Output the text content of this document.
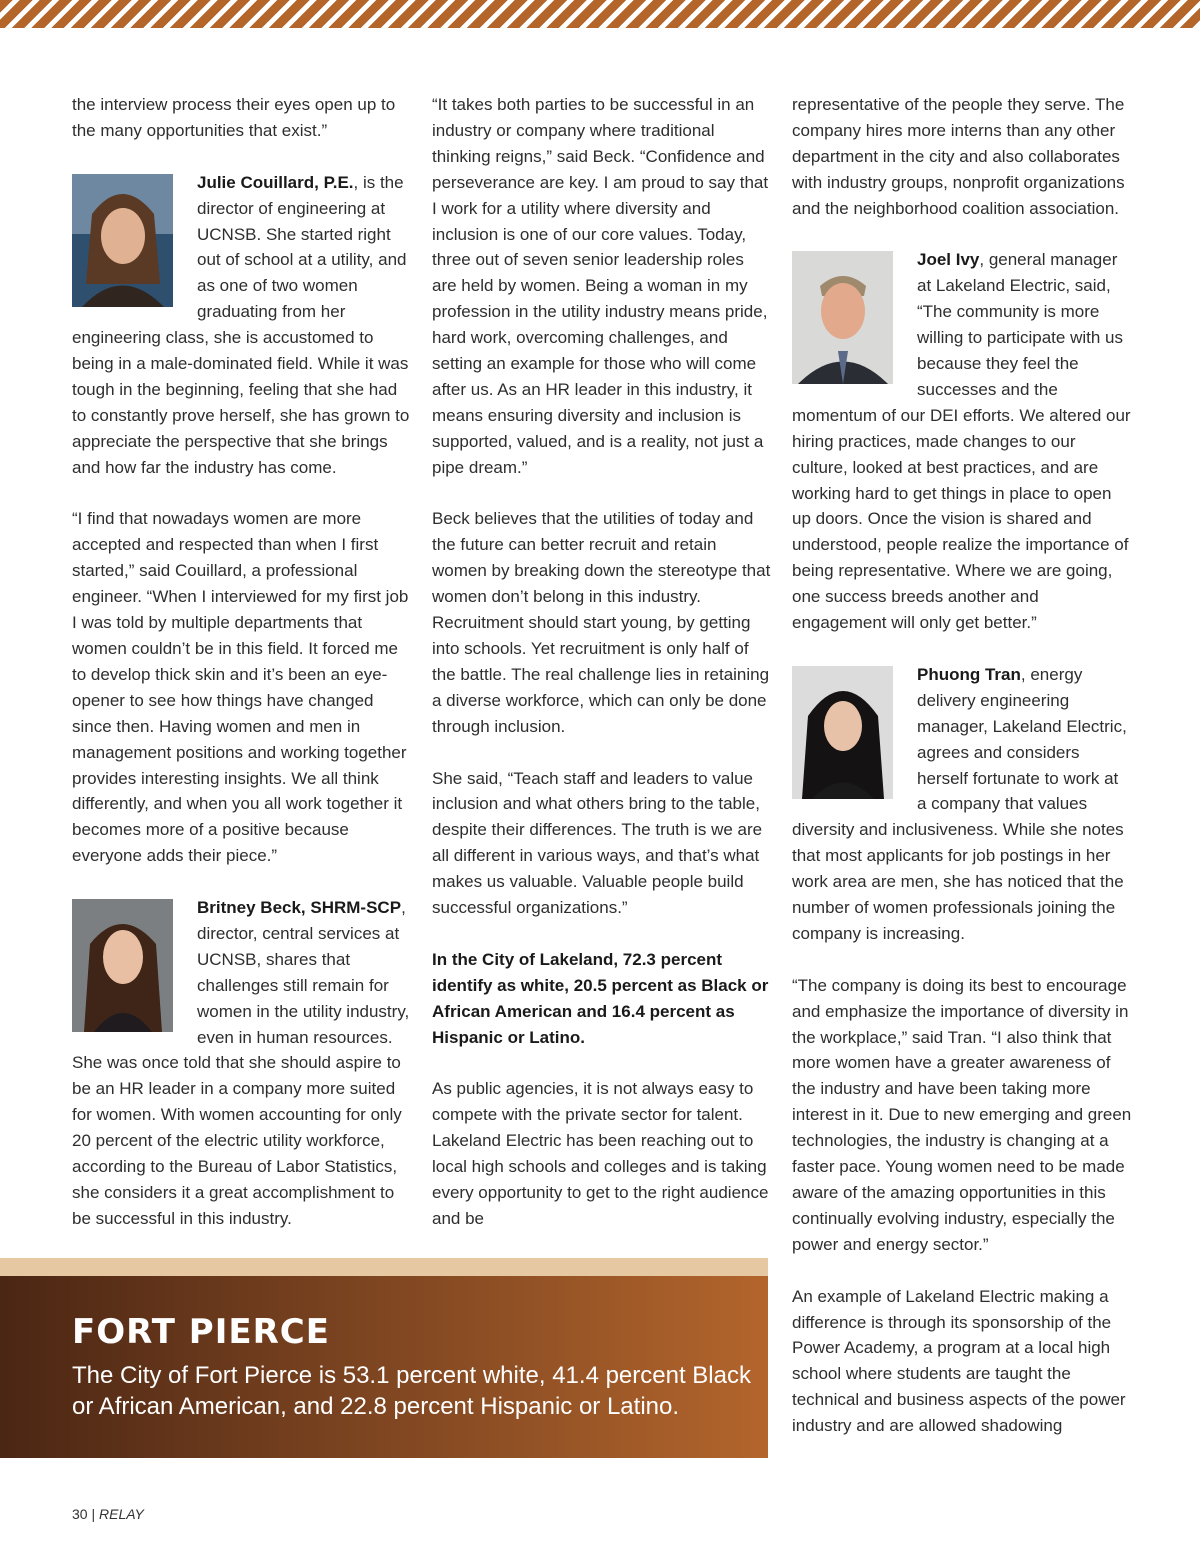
the interview process their eyes open up to the many opportunities that exist.”

Julie Couillard, P.E., is the director of engineering at UCNSB. She started right out of school at a utility, and as one of two women graduating from her engineering class, she is accustomed to being in a male-dominated field. While it was tough in the beginning, feeling that she had to constantly prove herself, she has grown to appreciate the perspective that she brings and how far the industry has come.

“I find that nowadays women are more accepted and respected than when I first started,” said Couillard, a professional engineer. “When I interviewed for my first job I was told by multiple departments that women couldn’t be in this field. It forced me to develop thick skin and it’s been an eye-opener to see how things have changed since then. Having women and men in management positions and working together provides interesting insights. We all think differently, and when you all work together it becomes more of a positive because everyone adds their piece.”

Britney Beck, SHRM-SCP, director, central services at UCNSB, shares that challenges still remain for women in the utility industry, even in human resources. She was once told that she should aspire to be an HR leader in a company more suited for women. With women accounting for only 20 percent of the electric utility workforce, according to the Bureau of Labor Statistics, she considers it a great accomplishment to be successful in this industry.

“It takes both parties to be successful in an industry or company where traditional thinking reigns,” said Beck. “Confidence and perseverance are key. I am proud to say that I work for a utility where diversity and inclusion is one of our core values. Today, three out of seven senior leadership roles are held by women. Being a woman in my profession in the utility industry means pride, hard work, overcoming challenges, and setting an example for those who will come after us. As an HR leader in this industry, it means ensuring diversity and inclusion is supported, valued, and is a reality, not just a pipe dream.”

Beck believes that the utilities of today and the future can better recruit and retain women by breaking down the stereotype that women don’t belong in this industry. Recruitment should start young, by getting into schools. Yet recruitment is only half of the battle. The real challenge lies in retaining a diverse workforce, which can only be done through inclusion.

She said, “Teach staff and leaders to value inclusion and what others bring to the table, despite their differences. The truth is we are all different in various ways, and that’s what makes us valuable. Valuable people build successful organizations.”

In the City of Lakeland, 72.3 percent identify as white, 20.5 percent as Black or African American and 16.4 percent as Hispanic or Latino.

As public agencies, it is not always easy to compete with the private sector for talent. Lakeland Electric has been reaching out to local high schools and colleges and is taking every opportunity to get to the right audience and be

representative of the people they serve. The company hires more interns than any other department in the city and also collaborates with industry groups, nonprofit organizations and the neighborhood coalition association.

Joel Ivy, general manager at Lakeland Electric, said, “The community is more willing to participate with us because they feel the successes and the momentum of our DEI efforts. We altered our hiring practices, made changes to our culture, looked at best practices, and are working hard to get things in place to open up doors. Once the vision is shared and understood, people realize the importance of being representative. Where we are going, one success breeds another and engagement will only get better.”

Phuong Tran, energy delivery engineering manager, Lakeland Electric, agrees and considers herself fortunate to work at a company that values diversity and inclusiveness. While she notes that most applicants for job postings in her work area are men, she has noticed that the number of women professionals joining the company is increasing.

“The company is doing its best to encourage and emphasize the importance of diversity in the workplace,” said Tran. “I also think that more women have a greater awareness of the industry and have been taking more interest in it. Due to new emerging and green technologies, the industry is changing at a faster pace. Young women need to be made aware of the amazing opportunities in this continually evolving industry, especially the power and energy sector.”

An example of Lakeland Electric making a difference is through its sponsorship of the Power Academy, a program at a local high school where students are taught the technical and business aspects of the power industry and are allowed shadowing

FORT PIERCE
The City of Fort Pierce is 53.1 percent white, 41.4 percent Black or African American, and 22.8 percent Hispanic or Latino.
30 | RELAY
